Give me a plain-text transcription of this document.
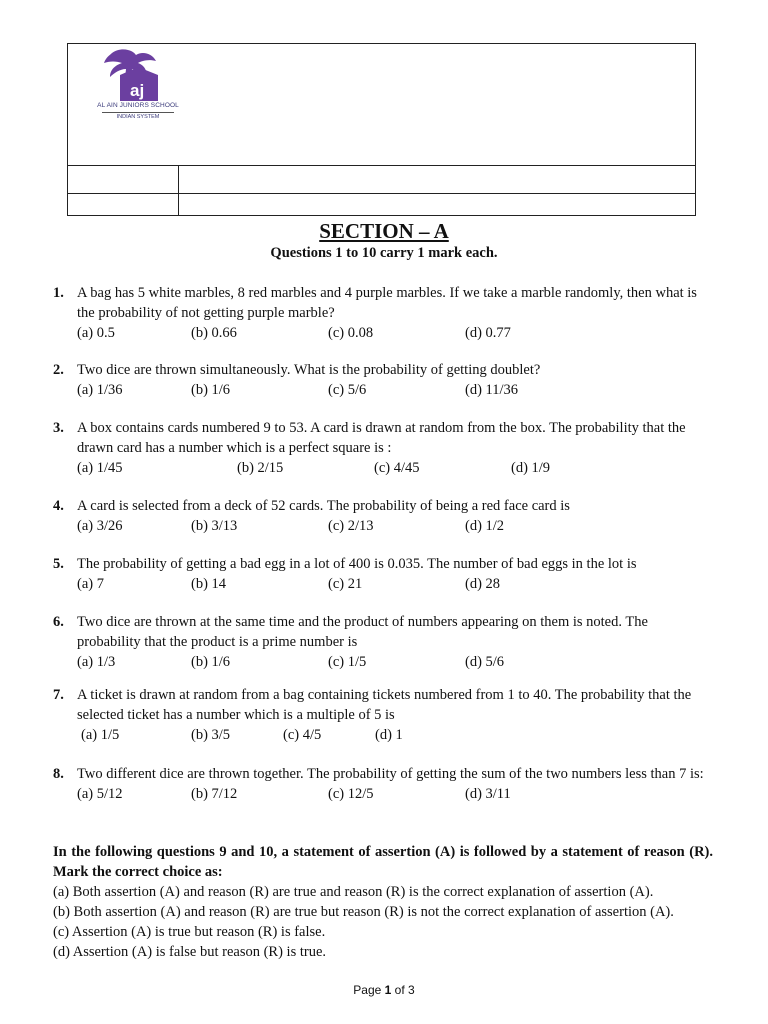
aj
AL AIN JUNIORS SCHOOL
INDIAN SYSTEM
SECTION – A
Questions 1 to 10 carry 1 mark each.
1. A bag has 5 white marbles, 8 red marbles and 4 purple marbles. If we take a marble randomly, then what is the probability of not getting purple marble?
(a) 0.5	(b) 0.66	(c) 0.08	(d) 0.77
2. Two dice are thrown simultaneously. What is the probability of getting doublet?
(a) 1/36	(b) 1/6	(c) 5/6	(d) 11/36
3. A box contains cards numbered 9 to 53. A card is drawn at random from the box. The probability that the drawn card has a number which is a perfect square is :
(a) 1/45	(b) 2/15	(c) 4/45	(d) 1/9
4. A card is selected from a deck of 52 cards. The probability of being a red face card is
(a) 3/26	(b) 3/13	(c) 2/13	(d) 1/2
5. The probability of getting a bad egg in a lot of 400 is 0.035. The number of bad eggs in the lot is
(a) 7	(b) 14	(c) 21	(d) 28
6. Two dice are thrown at the same time and the product of numbers appearing on them is noted. The probability that the product is a prime number is
(a) 1/3	(b) 1/6	(c) 1/5	(d) 5/6
7. A ticket is drawn at random from a bag containing tickets numbered from 1 to 40. The probability that the selected ticket has a number which is a multiple of 5 is
(a) 1/5	(b) 3/5	(c) 4/5	(d) 1
8. Two different dice are thrown together. The probability of getting the sum of the two numbers less than 7 is:
(a) 5/12	(b) 7/12	(c) 12/5	(d) 3/11
In the following questions 9 and 10, a statement of assertion (A) is followed by a statement of reason (R). Mark the correct choice as:
(a) Both assertion (A) and reason (R) are true and reason (R) is the correct explanation of assertion (A).
(b) Both assertion (A) and reason (R) are true but reason (R) is not the correct explanation of assertion (A).
(c) Assertion (A) is true but reason (R) is false.
(d) Assertion (A) is false but reason (R) is true.
Page 1 of 3
